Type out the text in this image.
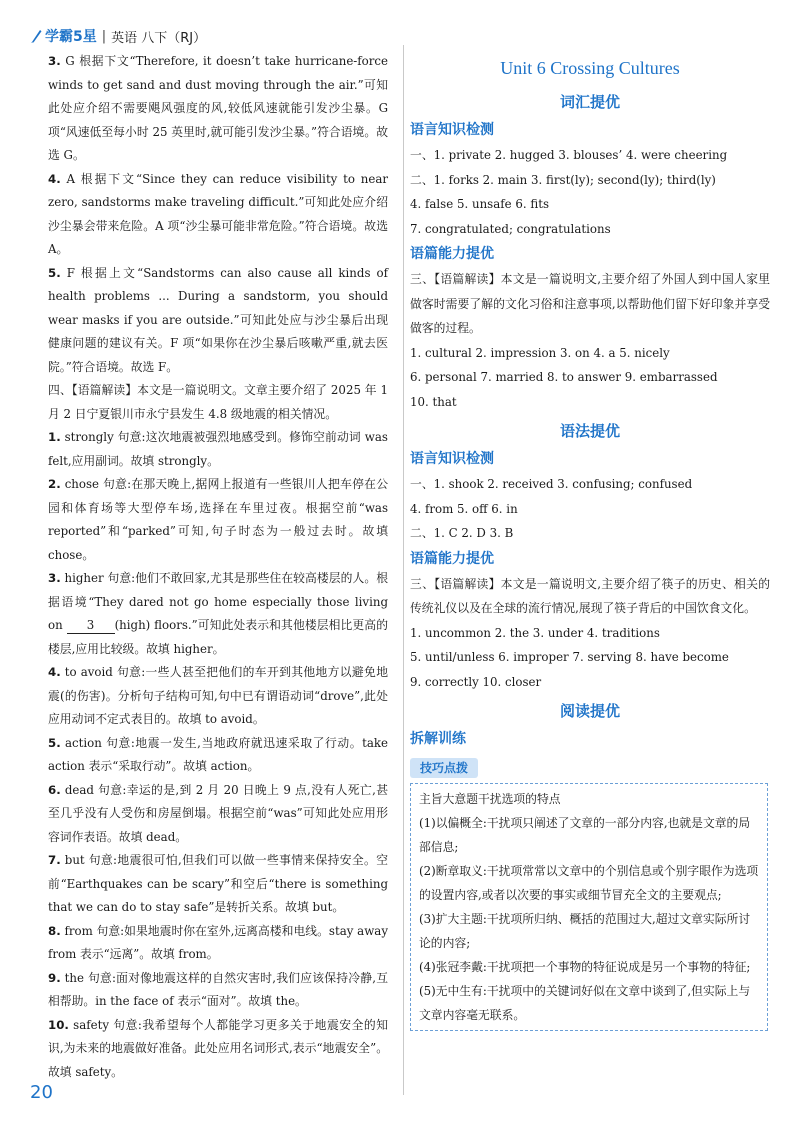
学霸5星 | 英语 八下（RJ）

3. G 根据下文“Therefore, it doesn’t take hurricane-force winds to get sand and dust moving through the air.”可知此处应介绍不需要飓风强度的风,较低风速就能引发沙尘暴。G项“风速低至每小时 25 英里时,就可能引发沙尘暴。”符合语境。故选 G。

4. A 根据下文“Since they can reduce visibility to near zero, sandstorms make traveling difficult.”可知此处应介绍沙尘暴会带来危险。A 项“沙尘暴可能非常危险。”符合语境。故选 A。

5. F 根据上文“Sandstorms can also cause all kinds of health problems ... During a sandstorm, you should wear masks if you are outside.”可知此处应与沙尘暴后出现健康问题的建议有关。F 项“如果你在沙尘暴后咳嗽严重,就去医院。”符合语境。故选 F。

四、【语篇解读】本文是一篇说明文。文章主要介绍了 2025 年 1 月 2 日宁夏银川市永宁县发生 4.8 级地震的相关情况。

1. strongly 句意:这次地震被强烈地感受到。修饰空前动词 was felt,应用副词。故填 strongly。

2. chose 句意:在那天晚上,据网上报道有一些银川人把车停在公园和体育场等大型停车场,选择在车里过夜。根据空前“was reported”和“parked”可知,句子时态为一般过去时。故填 chose。

3. higher 句意:他们不敢回家,尤其是那些住在较高楼层的人。根据语境“They dared not go home especially those living on 3 (high) floors.”可知此处表示和其他楼层相比更高的楼层,应用比较级。故填 higher。

4. to avoid 句意:一些人甚至把他们的车开到其他地方以避免地震(的伤害)。分析句子结构可知,句中已有谓语动词“drove”,此处应用动词不定式表目的。故填 to avoid。

5. action 句意:地震一发生,当地政府就迅速采取了行动。take action 表示“采取行动”。故填 action。

6. dead 句意:幸运的是,到 2 月 20 日晚上 9 点,没有人死亡,甚至几乎没有人受伤和房屋倒塌。根据空前“was”可知此处应用形容词作表语。故填 dead。

7. but 句意:地震很可怕,但我们可以做一些事情来保持安全。空前“Earthquakes can be scary”和空后“there is something that we can do to stay safe”是转折关系。故填 but。

8. from 句意:如果地震时你在室外,远离高楼和电线。stay away from 表示“远离”。故填 from。

9. the 句意:面对像地震这样的自然灾害时,我们应该保持冷静,互相帮助。in the face of 表示“面对”。故填 the。

10. safety 句意:我希望每个人都能学习更多关于地震安全的知识,为未来的地震做好准备。此处应用名词形式,表示“地震安全”。故填 safety。

Unit 6 Crossing Cultures
词汇提优
语言知识检测

一、1. private 2. hugged 3. blouses’ 4. were cheering

二、1. forks 2. main 3. first(ly); second(ly); third(ly)

4. false 5. unsafe 6. fits

7. congratulated; congratulations

语篇能力提优

三、【语篇解读】本文是一篇说明文,主要介绍了外国人到中国人家里做客时需要了解的文化习俗和注意事项,以帮助他们留下好印象并享受做客的过程。

1. cultural 2. impression 3. on 4. a 5. nicely

6. personal 7. married 8. to answer 9. embarrassed

10. that

语法提优
语言知识检测

一、1. shook 2. received 3. confusing; confused

4. from 5. off 6. in

二、1. C 2. D 3. B

语篇能力提优

三、【语篇解读】本文是一篇说明文,主要介绍了筷子的历史、相关的传统礼仪以及在全球的流行情况,展现了筷子背后的中国饮食文化。

1. uncommon 2. the 3. under 4. traditions

5. until/unless 6. improper 7. serving 8. have become

9. correctly 10. closer

阅读提优
拆解训练
技巧点拨

主旨大意题干扰选项的特点

(1)以偏概全:干扰项只阐述了文章的一部分内容,也就是文章的局部信息;

(2)断章取义:干扰项常常以文章中的个别信息或个别字眼作为选项的设置内容,或者以次要的事实或细节冒充全文的主要观点;

(3)扩大主题:干扰项所归纳、概括的范围过大,超过文章实际所讨论的内容;

(4)张冠李戴:干扰项把一个事物的特征说成是另一个事物的特征;

(5)无中生有:干扰项中的关键词好似在文章中谈到了,但实际上与文章内容毫无联系。

20
